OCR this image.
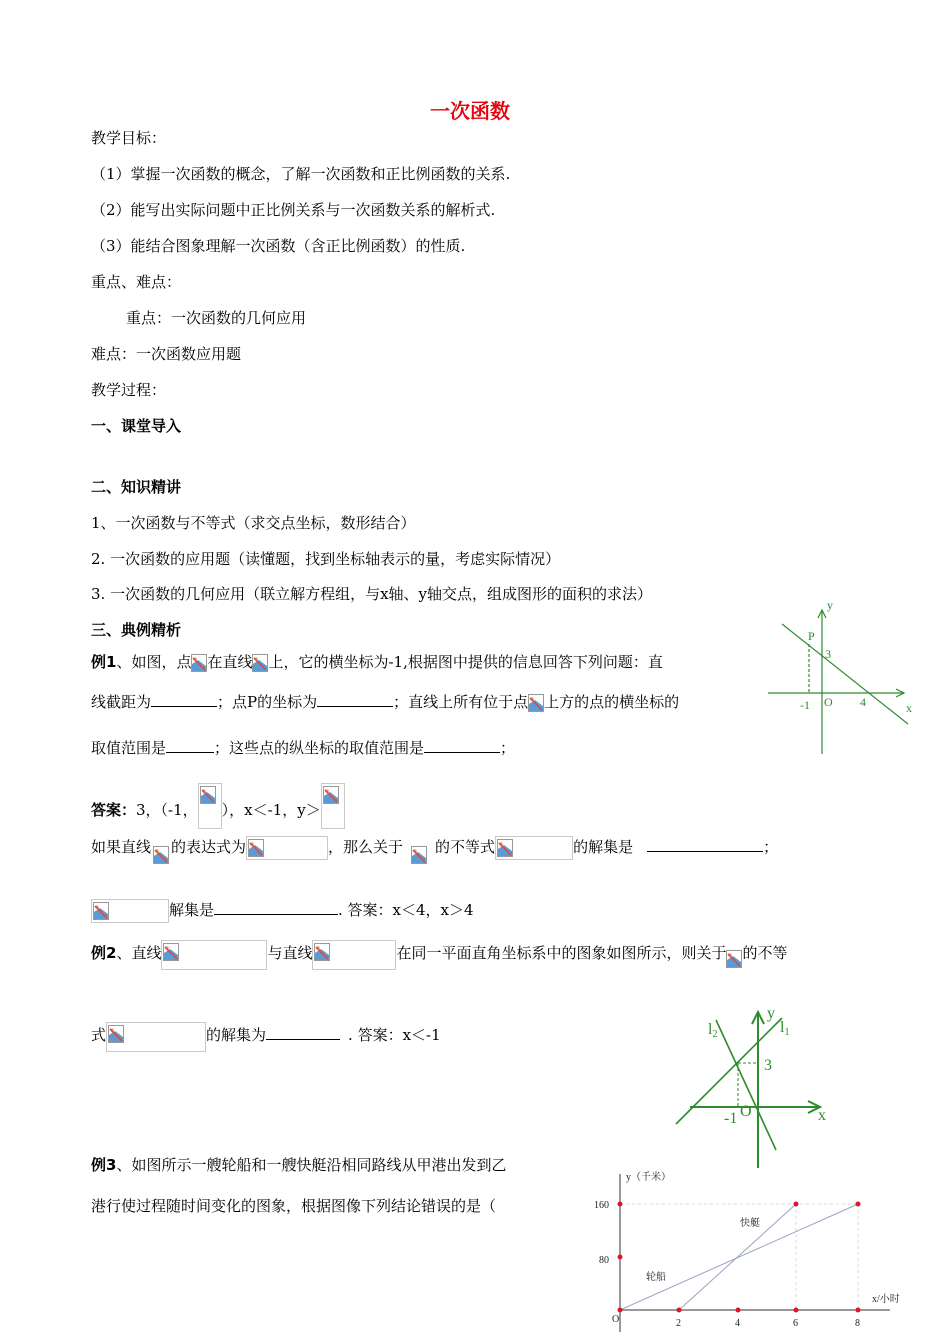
一次函数
教学目标：
（1）掌握一次函数的概念，了解一次函数和正比例函数的关系.
（2）能写出实际问题中正比例关系与一次函数关系的解析式.
（3）能结合图象理解一次函数（含正比例函数）的性质.
重点、难点：
重点：一次函数的几何应用
难点：一次函数应用题
教学过程：
一、课堂导入
二、知识精讲
1、一次函数与不等式（求交点坐标，数形结合）
2. 一次函数的应用题（读懂题，找到坐标轴表示的量，考虑实际情况）
3. 一次函数的几何应用（联立解方程组，与x轴、y轴交点，组成图形的面积的求法）
三、典例精析
例1、如图，点 在直线 上，它的横坐标为-1,根据图中提供的信息回答下列问题：直
线截距为	；点P的坐标为	；直线上所有位于点 上方的点的横坐标的
取值范围是	；这些点的纵坐标的取值范围是	；
答案：3，（-1， ），x＜-1，y＞
如果直线 的表达式为	，那么关于 的不等式	的解集是	；
解集是	. 答案：x＜4，x＞4
y
x
P
3
-1 O 4
例2、直线	与直线	在同一平面直角坐标系中的图象如图所示，则关于 的不等
式	的解集为	. 答案：x＜-1
y
x
l2	l1
3
-1 O
例3、如图所示一艘轮船和一艘快艇沿相同路线从甲港出发到乙
港行使过程随时间变化的图象，根据图像下列结论错误的是（
y（千米）
x/小时
160
80
O	2	4	6	8
快艇
轮船
